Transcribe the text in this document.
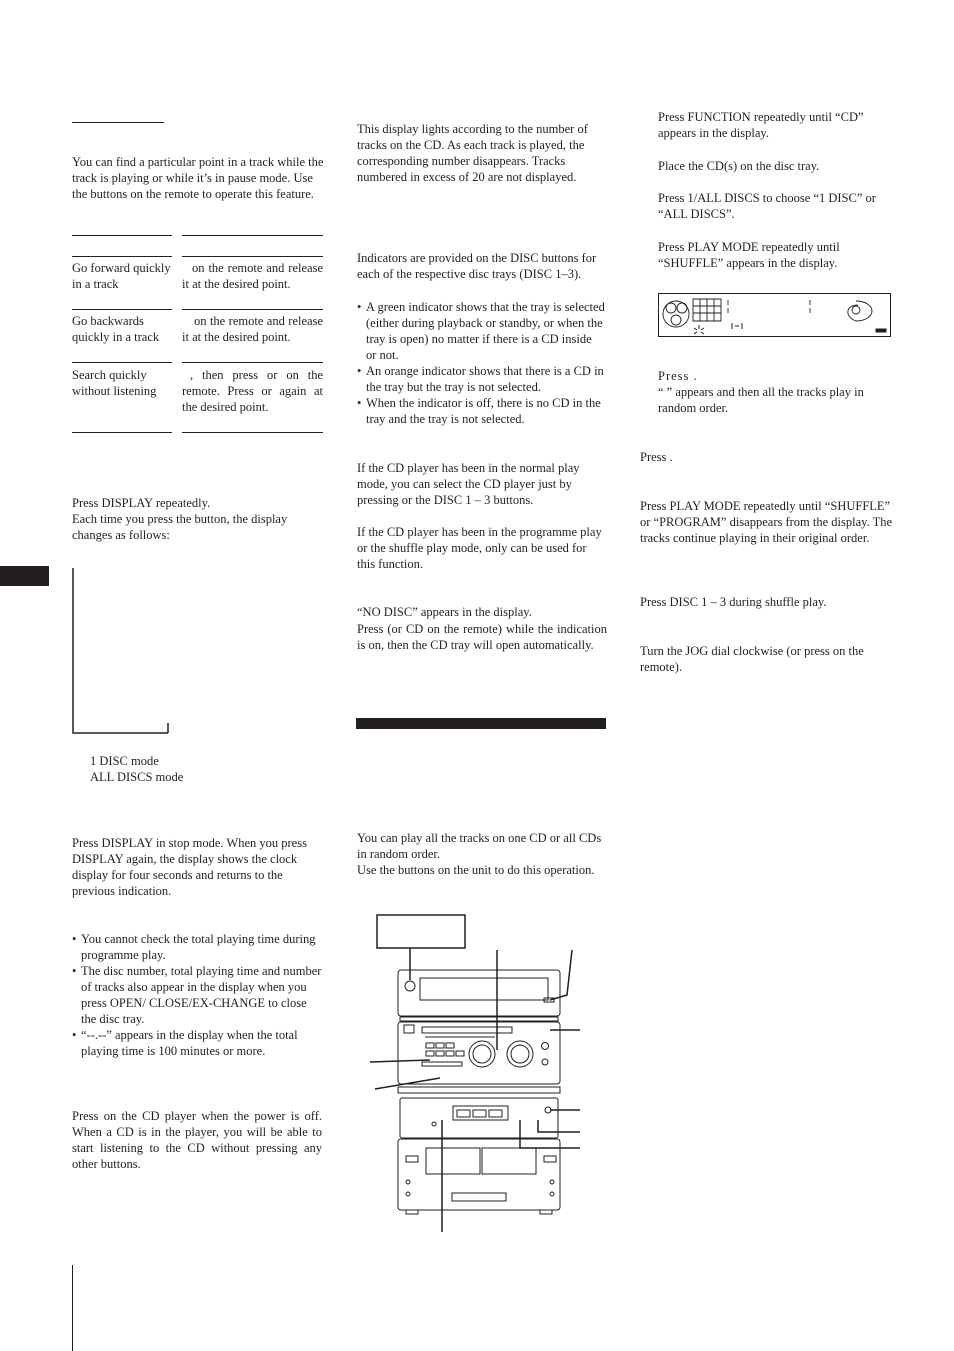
You can find a particular point in a track while the track is playing or while it’s in pause mode. Use the buttons on the remote to operate this feature.

Go forward quickly in a track
on the remote and release it at the desired point.
Go backwards quickly in a track
on the remote and release it at the desired point.
Search quickly without listening
, then press or on the remote. Press or again at the desired point.

Press DISPLAY repeatedly.

Each time you press the button, the display changes as follows:

1 DISC mode

ALL DISCS mode

Press DISPLAY in stop mode. When you press DISPLAY again, the display shows the clock display for four seconds and returns to the previous indication.

• You cannot check the total playing time during programme play.
• The disc number, total playing time and number of tracks also appear in the display when you press OPEN/ CLOSE/EX-CHANGE to close the disc tray.
• “--.--” appears in the display when the total playing time is 100 minutes or more.

Press on the CD player when the power is off. When a CD is in the player, you will be able to start listening to the CD without pressing any other buttons.

This display lights according to the number of tracks on the CD. As each track is played, the corresponding number disappears. Tracks numbered in excess of 20 are not displayed.

Indicators are provided on the DISC buttons for each of the respective disc trays (DISC 1–3).

• A green indicator shows that the tray is selected (either during playback or standby, or when the tray is open) no matter if there is a CD inside or not.
• An orange indicator shows that there is a CD in the tray but the tray is not selected.
• When the indicator is off, there is no CD in the tray and the tray is not selected.

If the CD player has been in the normal play mode, you can select the CD player just by pressing or the DISC 1 – 3 buttons.

If the CD player has been in the programme play or the shuffle play mode, only can be used for this function.

“NO DISC” appears in the display.

Press (or CD on the remote) while the indication is on, then the CD tray will open automatically.

You can play all the tracks on one CD or all CDs in random order.

Use the buttons on the unit to do this operation.

Press FUNCTION repeatedly until “CD” appears in the display.

Place the CD(s) on the disc tray.

Press 1/ALL DISCS to choose “1 DISC” or “ALL DISCS”.

Press PLAY MODE repeatedly until “SHUFFLE” appears in the display.

Press .

“ ” appears and then all the tracks play in random order.

Press .

Press PLAY MODE repeatedly until “SHUFFLE” or “PROGRAM” disappears from the display. The tracks continue playing in their original order.

Press DISC 1 – 3 during shuffle play.

Turn the JOG dial clockwise (or press on the remote).
